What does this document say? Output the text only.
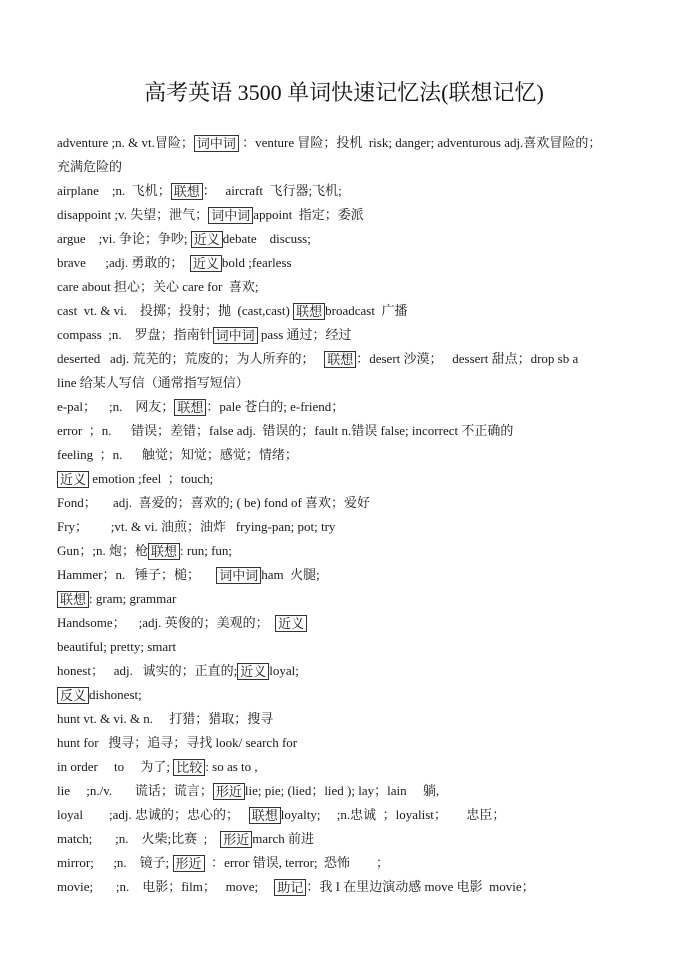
高考英语 3500 单词快速记忆法(联想记忆)
adventure ;n. & vt.冒险； 词中词 ：venture 冒险；投机  risk; danger; adventurous adj.喜欢冒险的；
充满危险的
airplane    ;n.  飞机； 联想 ：   aircraft  飞行器;飞机;
disappoint ;v. 失望；泄气； 词中词 appoint  指定；委派
argue    ;vi. 争论；争吵; 近义 debate    discuss;
brave      ;adj. 勇敢的；  近义 bold ;fearless
care about 担心；关心 care for  喜欢;
cast  vt. & vi.    投掷；投射；抛  (cast,cast) 联想 broadcast  广播
compass  ;n.    罗盘；指南针 词中词 pass 通过；经过
deserted   adj. 荒芜的；荒废的；为人所弃的；   联想 ：desert 沙漠；   dessert 甜点；drop sb a
line 给某人写信（通常指写短信）
e-pal；    ;n.    网友； 联想 ：pale 苍白的; e-friend；
error  ；n.      错误；差错；false adj.  错误的；fault n.错误 false; incorrect 不正确的
feeling  ；n.      触觉；知觉；感觉；情绪；
近义 emotion ;feel  ；touch;
Fond；     adj.  喜爱的；喜欢的; ( be) fond of 喜欢；爱好
Fry；       ;vt. & vi. 油煎；油炸   frying-pan; pot; try
Gun；;n. 炮；枪 联想 : run; fun;
Hammer；n.   锤子；槌；     词中词 ham  火腿;
联想 : gram; grammar
Handsome；    ;adj. 英俊的；美观的；  近义
beautiful; pretty; smart
honest；   adj.   诚实的；正直的; 近义 loyal;
反义 dishonest;
hunt vt. & vi. & n.     打猎；猎取；搜寻
hunt for   搜寻；追寻；寻找 look/ search for
in order     to     为了; 比较 : so as to ,
lie     ;n./v.       谎话；谎言； 形近 lie; pie; (lied；lied ); lay；lain     躺,
loyal        ;adj. 忠诚的；忠心的；   联想 loyalty;     ;n.忠诚  ；loyalist；      忠臣；
match;       ;n.    火柴;比赛  ;    形近 march 前进
mirror;      ;n.    镜子; 形近  ：error 错误, terror;  恐怖        ；
movie;       ;n.    电影；film；   move;     助记 ：我 I 在里边演动感 move 电影  movie；
